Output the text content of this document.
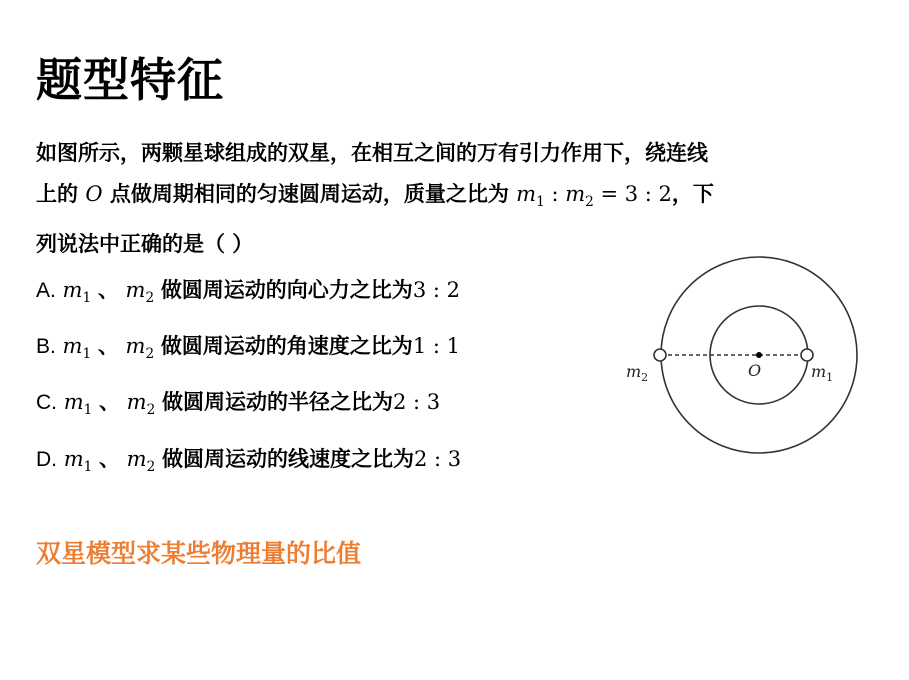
题型特征
如图所示，两颗星球组成的双星，在相互之间的万有引力作用下，绕连线
上的 O 点做周期相同的匀速圆周运动，质量之比为 $m_1$ : $m_2 = 3$ : 2，下
列说法中正确的是（ ）
A. $m_1$ 、 $m_2$ 做圆周运动的向心力之比为3 : 2
B. $m_1$ 、 $m_2$ 做圆周运动的角速度之比为1 : 1
C. $m_1$ 、 $m_2$ 做圆周运动的半径之比为2 : 3
D. $m_1$ 、 $m_2$ 做圆周运动的线速度之比为2 : 3
$m_2$	O	$m_1$
双星模型求某些物理量的比值
